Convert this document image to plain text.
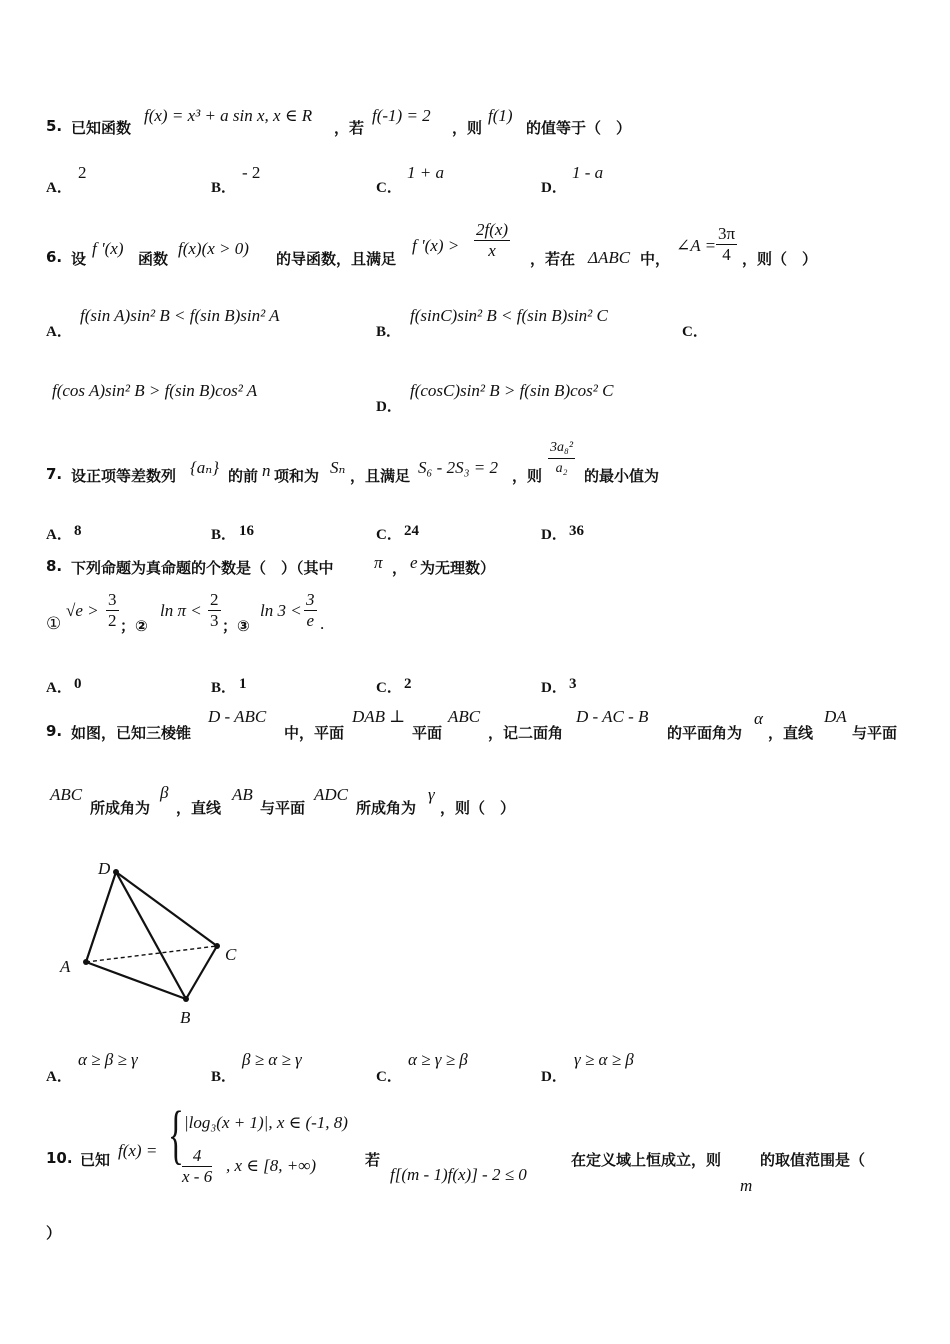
5. 已知函数
f(x) = x³ + a sin x, x ∈ R
，若
f(-1) = 2
，则
f(1)
的值等于（　）
A．
2
B．
- 2
C．
1 + a
D．
1 - a
6. 设
f '(x)
函数
f(x)(x > 0)
的导函数，且满足
f '$(x) > \frac{2f(x)}{x}$ ，若在 ΔABC 中，
∠A = $\frac{3\pi}{4}$ ，则（　）
A．
f(sin A)sin² B < f(sin B)sin² A
B．
f(sinC)sin² B < f(sin B)sin² C
C．
f(cos A)sin² B > f(sin B)cos² A
D．
f(cosC)sin² B > f(sin B)cos² C
7. 设正项等差数列 {aₙ} 的前 n 项和为 Sₙ ，且满足 S₆ - 2S₃ = 2 ，则 $\frac{\text{3a₈²}}{\text{a₂}}$ 的最小值为
A． 8	B． 16	C． 24	D． 36
8. 下列命题为真命题的个数是（　）（其中 π ， e 为无理数）
①
$√e > \frac{3}{2}$ ；②
$\ln \pi < \frac{2}{3}$ ；③
$\ln 3 < \frac{3}{e}$ .
A． 0	B． 1	C． 2	D． 3
9. 如图，已知三棱锥
D - ABC
中，平面
DAB ⊥
平面
ABC
，记二面角
D - AC - B
的平面角为
α
，直线
DA
与平面
ABC
所成角为
β
，直线
AB
与平面
ADC
所成角为
γ
，则（　）
D
A
B
C
A．
α ≥ β ≥ γ
B．
β ≥ α ≥ γ
C．
α ≥ γ ≥ β
D．
γ ≥ α ≥ β
10. 已知 f(x) = { |log₃(x + 1)|, x ∈ (-1, 8)
$\frac{4}{x - 6}$ , x ∈ [8, +∞)	若
f[(m - 1)f(x)] - 2 ≤ 0
在定义域上恒成立，则
m
的取值范围是（
）
